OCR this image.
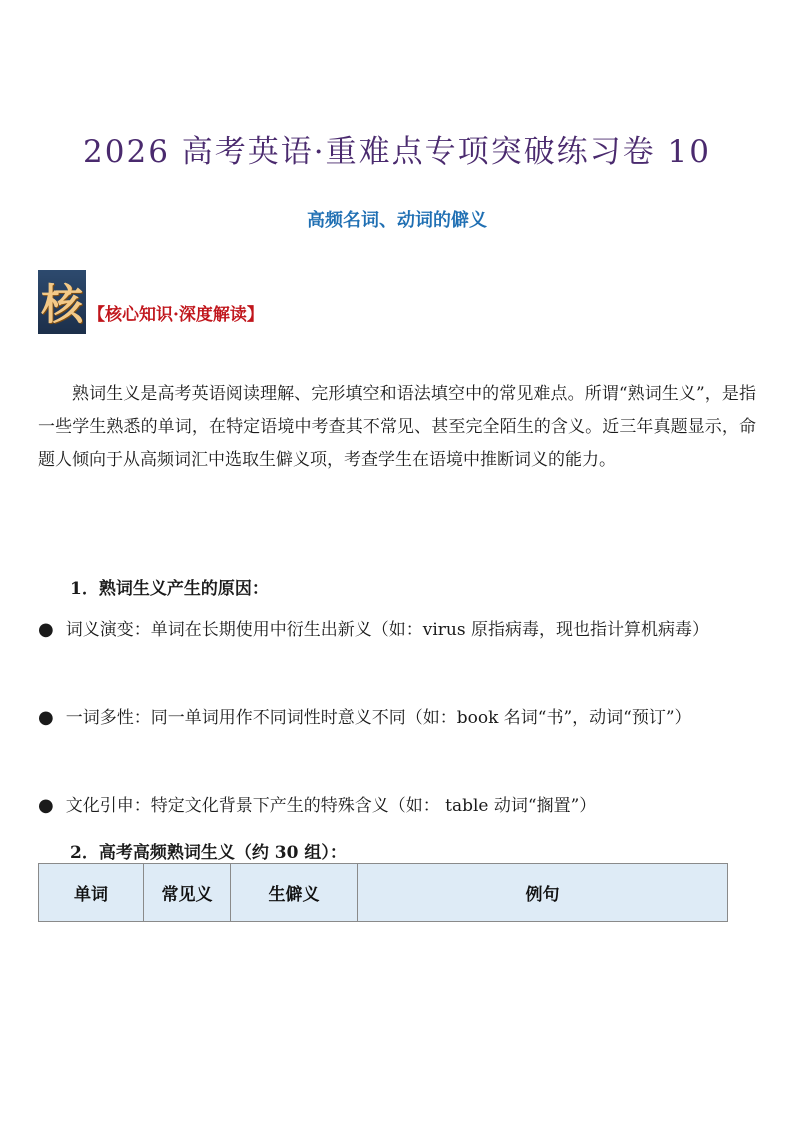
2026 高考英语·重难点专项突破练习卷 10
高频名词、动词的僻义
核 【核心知识·深度解读】
熟词生义是高考英语阅读理解、完形填空和语法填空中的常见难点。所谓“熟词生义”，是指一些学生熟悉的单词，在特定语境中考查其不常见、甚至完全陌生的含义。近三年真题显示，命题人倾向于从高频词汇中选取生僻义项，考查学生在语境中推断词义的能力。
1．熟词生义产生的原因：
● 词义演变：单词在长期使用中衍生出新义（如：virus 原指病毒，现也指计算机病毒）
● 一词多性：同一单词用作不同词性时意义不同（如：book 名词“书”，动词“预订”）
● 文化引申：特定文化背景下产生的特殊含义（如： table 动词“搁置”）
2．高考高频熟词生义（约 30 组）：
单词	常见义	生僻义	例句
